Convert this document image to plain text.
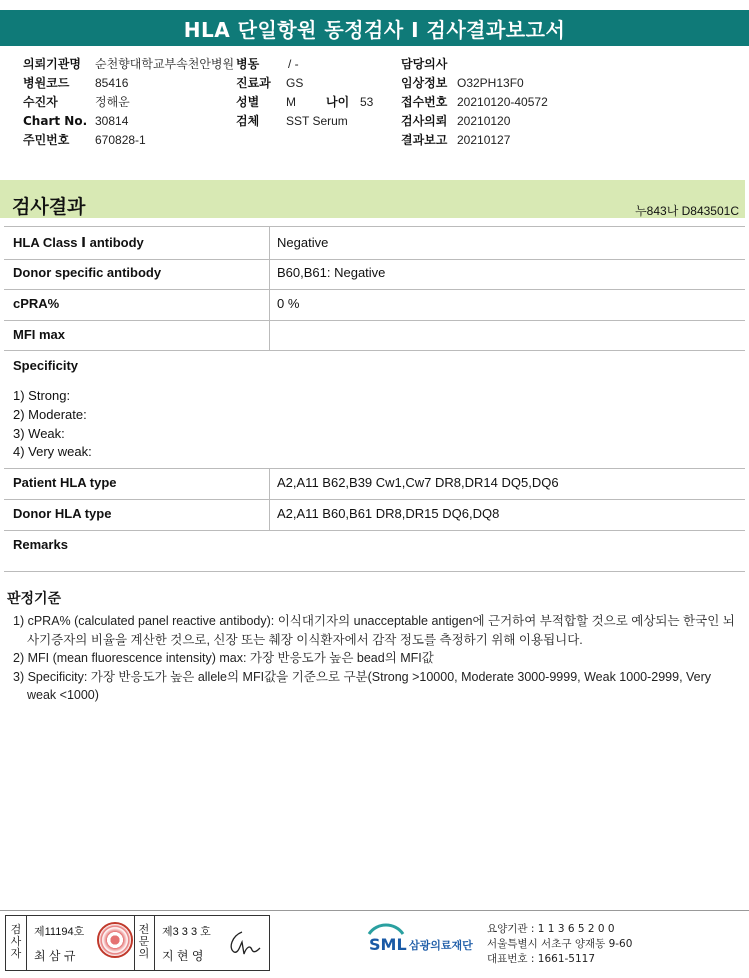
HLA 단일항원 동정검사 I 검사결과보고서
의뢰기관명 순천향대학교부속천안병원 병동 / -	담당의사
병원코드 85416	진료과 GS	임상정보 O32PH13F0
수진자	정해운	성별 M	나이 53 접수번호 20210120-40572
Chart No. 30814	검체 SST Serum	검사의뢰 20210120
주민번호 670828-1	결과보고 20210127
검사결과	누843나 D843501C
HLA Class Ⅰ antibody	Negative
Donor specific antibody	B60,B61: Negative
cPRA%	0 %
MFI max
Specificity
1) Strong:
2) Moderate:
3) Weak:
4) Very weak:
Patient HLA type	A2,A11 B62,B39 Cw1,Cw7 DR8,DR14 DQ5,DQ6
Donor HLA type	A2,A11 B60,B61 DR8,DR15 DQ6,DQ8
Remarks
판정기준

1) cPRA% (calculated panel reactive antibody): 이식대기자의 unacceptable antigen에 근거하여 부적합할 것으로 예상되는 한국인 뇌사기증자의 비율을 계산한 것으로, 신장 또는 췌장 이식환자에서 감작 정도를 측정하기 위해 이용됩니다.

2) MFI (mean fluorescence intensity) max: 가장 반응도가 높은 bead의 MFI값

3) Specificity: 가장 반응도가 높은 allele의 MFI값을 기준으로 구분(Strong >10000, Moderate 3000-9999, Weak 1000-2999, Very weak <1000)

검사자
제11194호
최 삼 규
전문의
제3 3 3 호
지 현 영
SML 삼광의료재단
요양기관 : 1 1 3 6 5 2 0 0
서울특별시 서초구 양재동 9-60
대표번호 : 1661-5117
